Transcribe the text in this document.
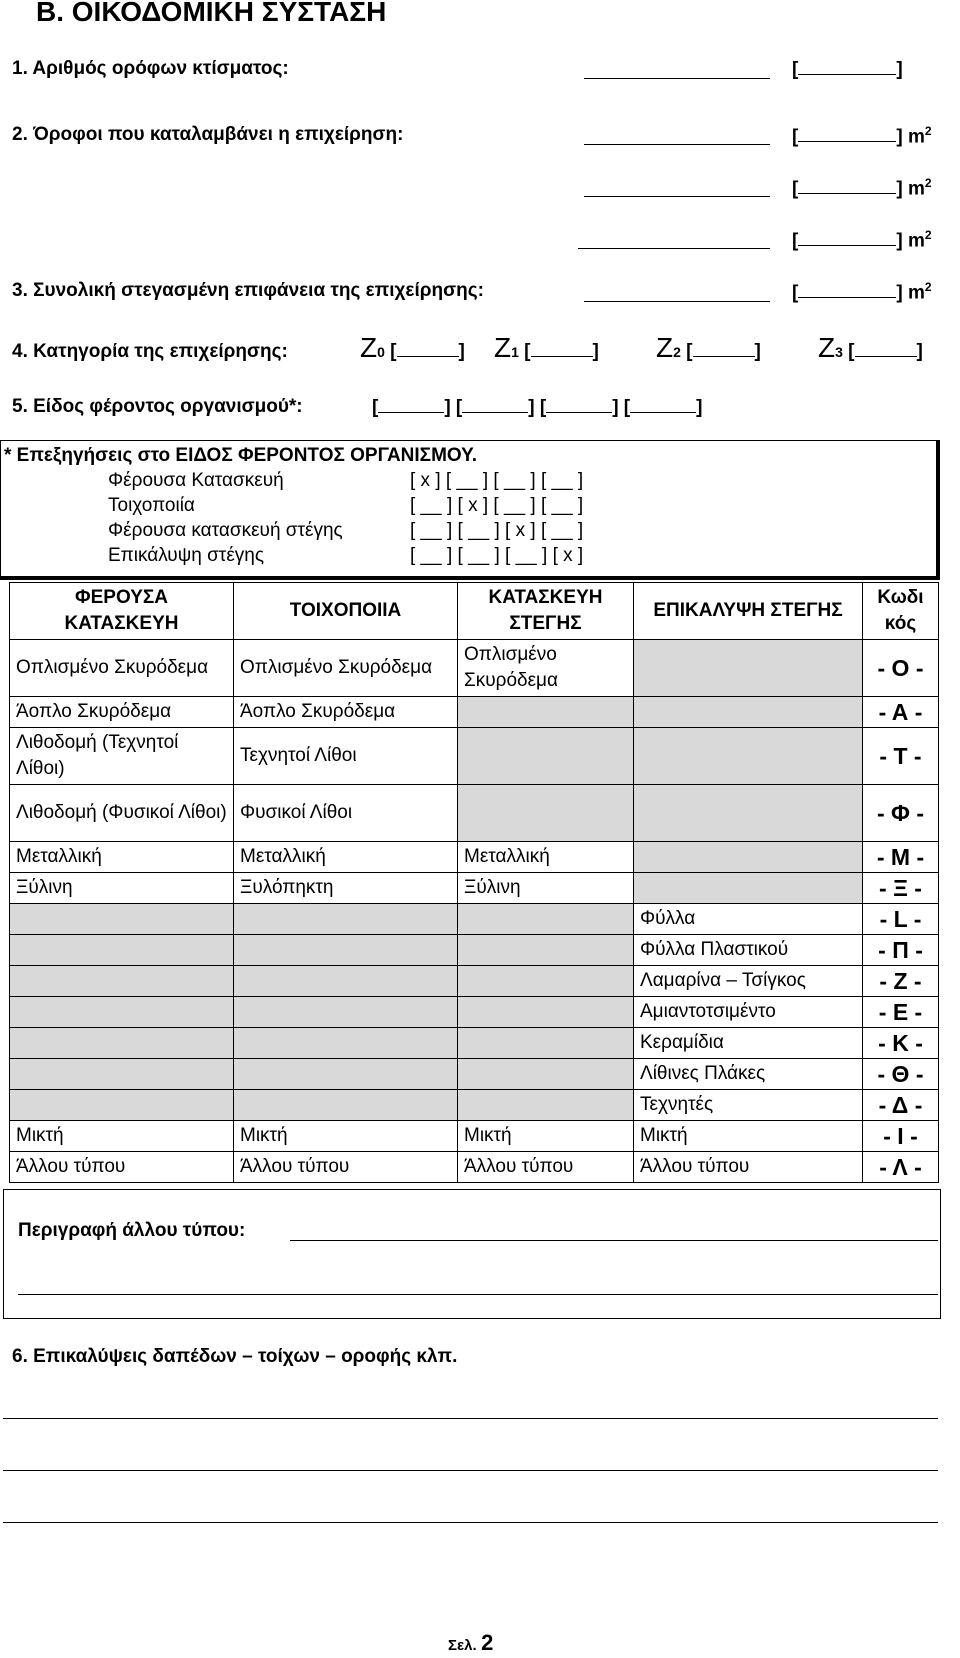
Β. ΟΙΚΟΔΟΜΙΚΗ ΣΥΣΤΑΣΗ
1. Αριθμός ορόφων κτίσματος:	[	]
2. Όροφοι που καταλαμβάνει η επιχείρηση:	[	] $m^2$
[	] $m^2$
[	] $m^2$
3. Συνολική στεγασμένη επιφάνεια της επιχείρησης:	[	] $m^2$
4. Κατηγορία της επιχείρησης:	Ζ0 [	] Ζ1 [	] Ζ2 [	] Ζ3 [	]
5. Είδος φέροντος οργανισμού*:	[	] [	] [	] [	]
* Επεξηγήσεις στο ΕΙΔΟΣ ΦΕΡΟΝΤΟΣ ΟΡΓΑΝΙΣΜΟΥ.
Φέρουσα Κατασκευή	[ x ] [ __ ] [ __ ] [ __ ]
Τοιχοποιία	[ __ ] [ x ] [ __ ] [ __ ]
Φέρουσα κατασκευή στέγης	[ __ ] [ __ ] [ x ] [ __ ]
Επικάλυψη στέγης	[ __ ] [ __ ] [ __ ] [ x ]
ΦΕΡΟΥΣΑ ΚΑΤΑΣΚΕΥΗ	ΤΟΙΧΟΠΟΙΙΑ	ΚΑΤΑΣΚΕΥΗ ΣΤΕΓΗΣ	ΕΠΙΚΑΛΥΨΗ ΣΤΕΓΗΣ	Κωδι κός
Οπλισμένο Σκυρόδεμα	Οπλισμένο Σκυρόδεμα	Οπλισμένο Σκυρόδεμα		- Ο -
Άοπλο Σκυρόδεμα	Άοπλο Σκυρόδεμα			- Α -
Λιθοδομή (Τεχνητοί Λίθοι)	Τεχνητοί Λίθοι			- Τ -
Λιθοδομή (Φυσικοί Λίθοι)	Φυσικοί Λίθοι			- Φ -
Μεταλλική	Μεταλλική	Μεταλλική		- Μ -
Ξύλινη	Ξυλόπηκτη	Ξύλινη		- Ξ -
			Φύλλα	- L -
			Φύλλα Πλαστικού	- Π -
			Λαμαρίνα – Τσίγκος	- Ζ -
			Αμιαντοτσιμέντο	- Ε -
			Κεραμίδια	- Κ -
			Λίθινες Πλάκες	- Θ -
			Τεχνητές	- Δ -
Μικτή	Μικτή	Μικτή	Μικτή	- Ι -
Άλλου τύπου	Άλλου τύπου	Άλλου τύπου	Άλλου τύπου	- Λ -
Περιγραφή άλλου τύπου:
6. Επικαλύψεις δαπέδων – τοίχων – οροφής κλπ.
Σελ. 2
